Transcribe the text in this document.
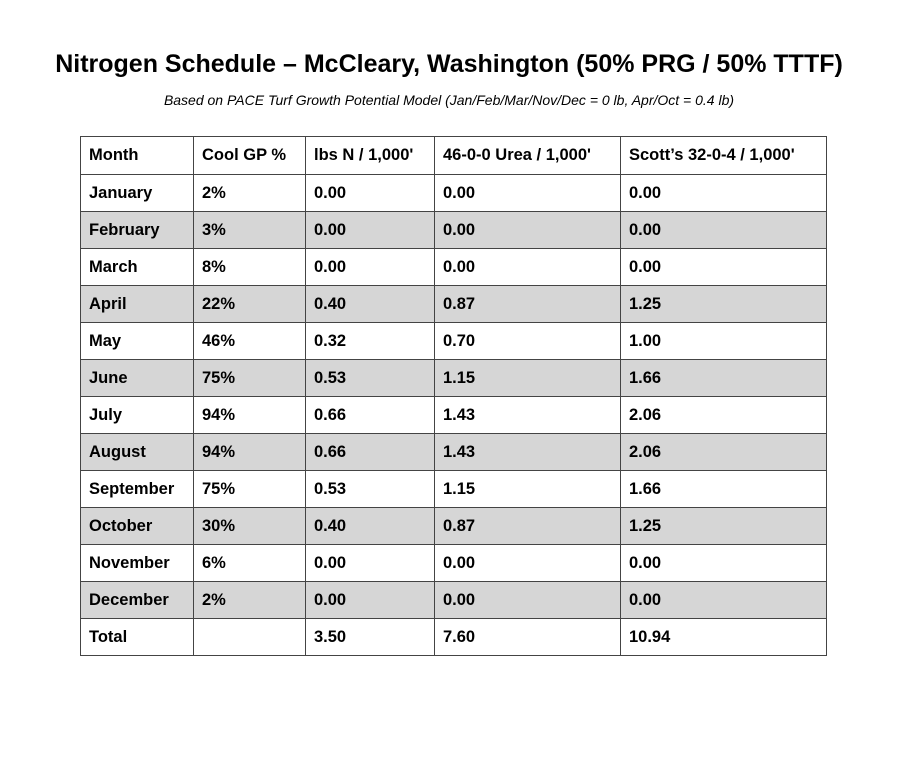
Nitrogen Schedule – McCleary, Washington (50% PRG / 50% TTTF)
Based on PACE Turf Growth Potential Model (Jan/Feb/Mar/Nov/Dec = 0 lb, Apr/Oct = 0.4 lb)
Month	Cool GP %	lbs N / 1,000'	46-0-0 Urea / 1,000'	Scott’s 32-0-4 / 1,000'
January	2%	0.00	0.00	0.00
February	3%	0.00	0.00	0.00
March	8%	0.00	0.00	0.00
April	22%	0.40	0.87	1.25
May	46%	0.32	0.70	1.00
June	75%	0.53	1.15	1.66
July	94%	0.66	1.43	2.06
August	94%	0.66	1.43	2.06
September	75%	0.53	1.15	1.66
October	30%	0.40	0.87	1.25
November	6%	0.00	0.00	0.00
December	2%	0.00	0.00	0.00
Total		3.50	7.60	10.94
